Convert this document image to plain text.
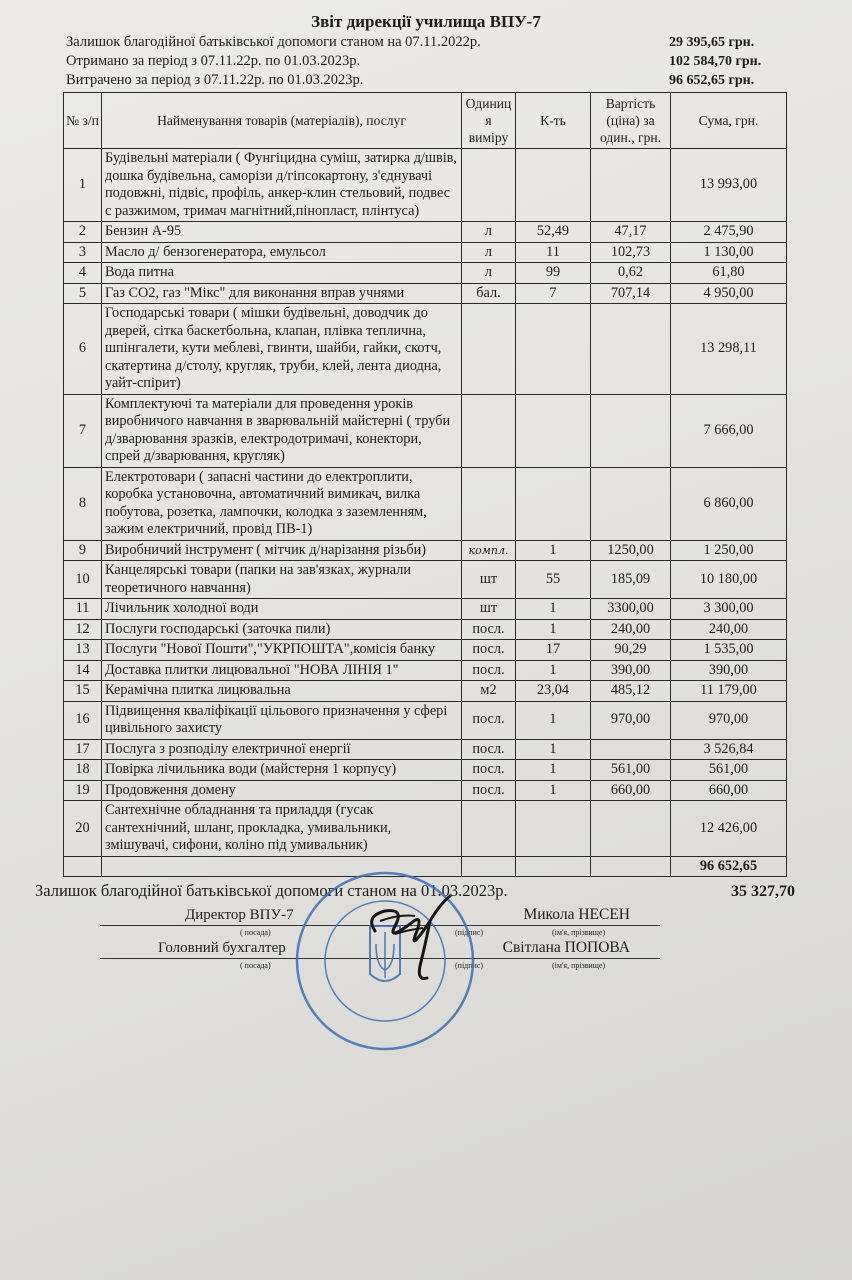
Звіт дирекції училища ВПУ-7
Залишок благодійної батьківської допомоги станом на 07.11.2022р.	29 395,65 грн.
Отримано за період з 07.11.22р. по 01.03.2023р.	102 584,70 грн.
Витрачено за період з 07.11.22р. по 01.03.2023р.	96 652,65 грн.
№ з/п	Найменування товарів (матеріалів), послуг	Одиниця виміру	К-ть	Вартість (ціна) за один., грн.	Сума, грн.
1	Будівельні матеріали ( Фунгіцидна суміш, затирка д/швів, дошка будівельна, саморізи д/гіпсокартону, з'єднувачі подовжні, підвіс, профіль, анкер-клин стельовий, подвес с разжимом, тримач магнітний,пінопласт, плінтуса)				13 993,00
2	Бензин А-95	л	52,49	47,17	2 475,90
3	Масло д/ бензогенератора, емульсол	л	11	102,73	1 130,00
4	Вода питна	л	99	0,62	61,80
5	Газ СО2, газ "Мікс" для виконання вправ учнями	бал.	7	707,14	4 950,00
6	Господарські товари ( мішки будівельні, доводчик до дверей, сітка баскетбольна, клапан, плівка теплична, шпінгалети, кути меблеві, гвинти, шайби, гайки, скотч, скатертина д/столу, кругляк, труби, клей, лента диодна, уайт-спірит)				13 298,11
7	Комплектуючі та матеріали для проведення уроків виробничого навчання в зварювальній майстерні ( труби д/зварювання зразків, електродотримачі, конектори, спрей д/зварювання, кругляк)				7 666,00
8	Електротовари ( запасні частини до електроплити, коробка установочна, автоматичний вимикач, вилка побутова, розетка, лампочки, колодка з заземленням, зажим електричний, провід ПВ-1)				6 860,00
9	Виробничий інструмент ( мітчик д/нарізання різьби)	компл.	1	1250,00	1 250,00
10	Канцелярські товари (папки на зав'язках, журнали теоретичного навчання)	шт	55	185,09	10 180,00
11	Лічильник холодної води	шт	1	3300,00	3 300,00
12	Послуги господарські (заточка пили)	посл.	1	240,00	240,00
13	Послуги "Нової Пошти","УКРПОШТА",комісія банку	посл.	17	90,29	1 535,00
14	Доставка плитки лицювальної "НОВА ЛІНІЯ 1"	посл.	1	390,00	390,00
15	Керамічна плитка лицювальна	м2	23,04	485,12	11 179,00
16	Підвищення кваліфікації цільового призначення у сфері цивільного захисту	посл.	1	970,00	970,00
17	Послуга з розподілу електричної енергії	посл.	1		3 526,84
18	Повірка лічильника води (майстерня 1 корпусу)	посл.	1	561,00	561,00
19	Продовження домену	посл.	1	660,00	660,00
20	Сантехнічне обладнання та приладдя (гусак сантехнічний, шланг, прокладка, умивальники, змішувачі, сифони, коліно під умивальник)				12 426,00
					96 652,65
Залишок благодійної батьківської допомоги станом на 01.03.2023р.	35 327,70
Директор ВПУ-7	Микола НЕСЕН
( посада)	(підпис)	(ім'я, прізвище)
Головний бухгалтер	Світлана ПОПОВА
( посада)	(підпис)	(ім'я, прізвище)
